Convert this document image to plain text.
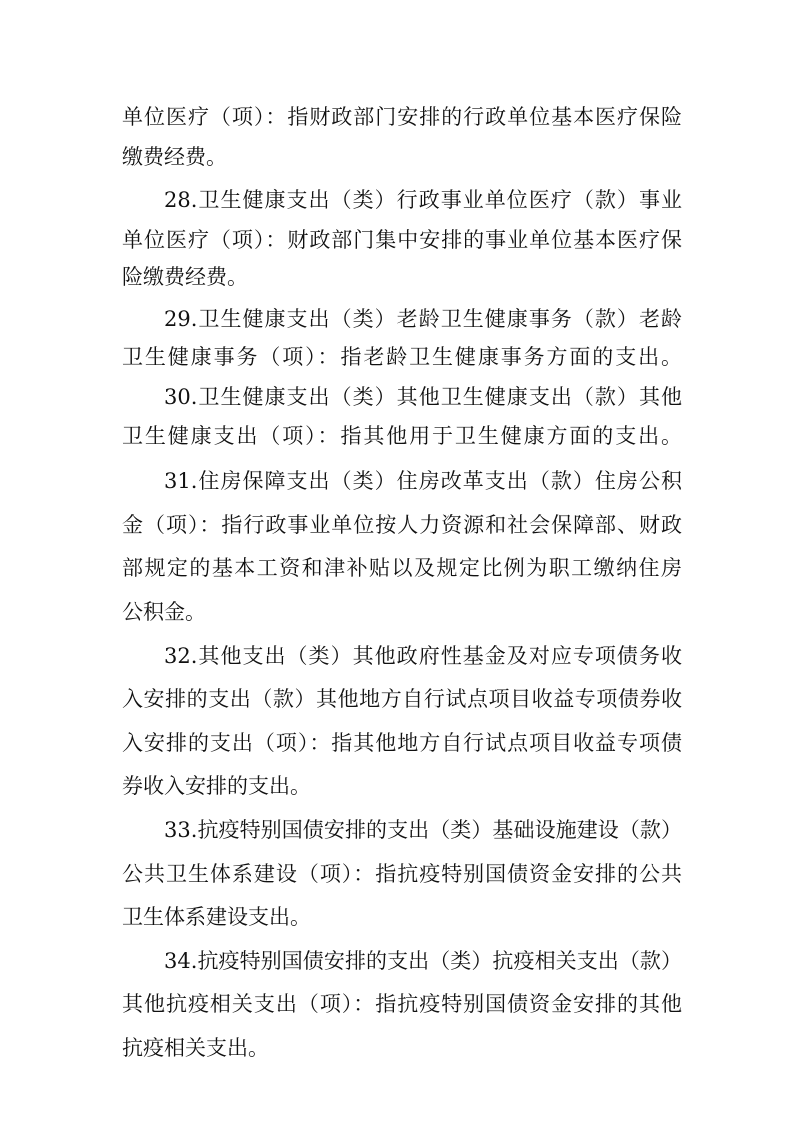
单位医疗（项）：指财政部门安排的行政单位基本医疗保险

缴费经费。

28.卫生健康支出（类）行政事业单位医疗（款）事业

单位医疗（项）：财政部门集中安排的事业单位基本医疗保

险缴费经费。

29.卫生健康支出（类）老龄卫生健康事务（款）老龄

卫生健康事务（项）：指老龄卫生健康事务方面的支出。

30.卫生健康支出（类）其他卫生健康支出（款）其他

卫生健康支出（项）：指其他用于卫生健康方面的支出。

31.住房保障支出（类）住房改革支出（款）住房公积

金（项）：指行政事业单位按人力资源和社会保障部、财政

部规定的基本工资和津补贴以及规定比例为职工缴纳住房

公积金。

32.其他支出（类）其他政府性基金及对应专项债务收

入安排的支出（款）其他地方自行试点项目收益专项债券收

入安排的支出（项）：指其他地方自行试点项目收益专项债

券收入安排的支出。

33.抗疫特别国债安排的支出（类）基础设施建设（款）

公共卫生体系建设（项）：指抗疫特别国债资金安排的公共

卫生体系建设支出。

34.抗疫特别国债安排的支出（类）抗疫相关支出（款）

其他抗疫相关支出（项）：指抗疫特别国债资金安排的其他

抗疫相关支出。
